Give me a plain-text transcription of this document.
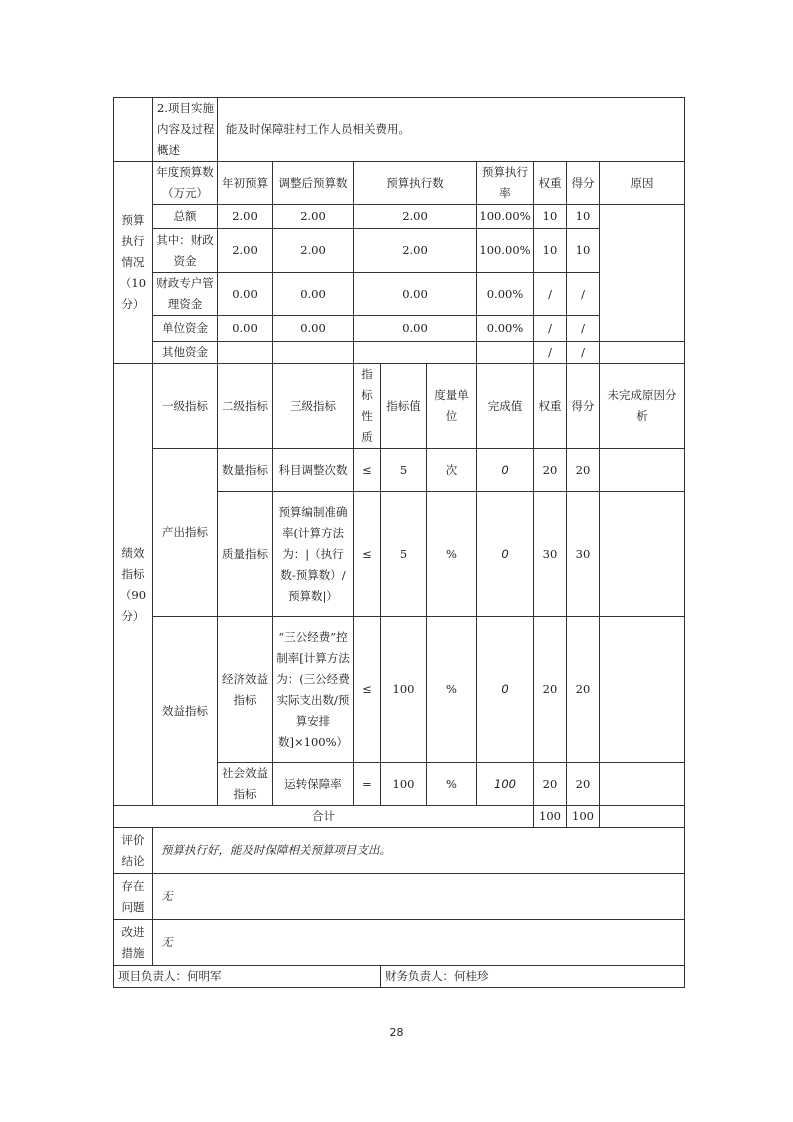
	2.项目实施内容及过程概述	能及时保障驻村工作人员相关费用。								
预算执行情况（10分）	年度预算数（万元）	年初预算	调整后预算数	预算执行数			预算执行率	权重	得分	原因
	总额	2.00	2.00	2.00			100.00%	10	10	
	其中：财政资金	2.00	2.00	2.00			100.00%	10	10	
	财政专户管理资金	0.00	0.00	0.00			0.00%	/	/	
	单位资金	0.00	0.00	0.00			0.00%	/	/	
	其他资金							/	/	
绩效指标（90分）	一级指标	二级指标	三级指标	指标性质	指标值	度量单位	完成值	权重	得分	未完成原因分析
	产出指标	数量指标	科目调整次数	≤	5	次	0	20	20	
		质量指标	预算编制准确率(计算方法为：|（执行数-预算数）/预算数|）	≤	5	%	0	30	30	
	效益指标	经济效益指标	“三公经费”控制率[计算方法为：(三公经费实际支出数/预算安排数]×100%）	≤	100	%	0	20	20	
		社会效益指标	运转保障率	=	100	%	100	20	20	
合计								100	100	
评价结论	预算执行好，能及时保障相关预算项目支出。									
存在问题	无									
改进措施	无									
项目负责人：何明军					财务负责人：何桂珍					
28
